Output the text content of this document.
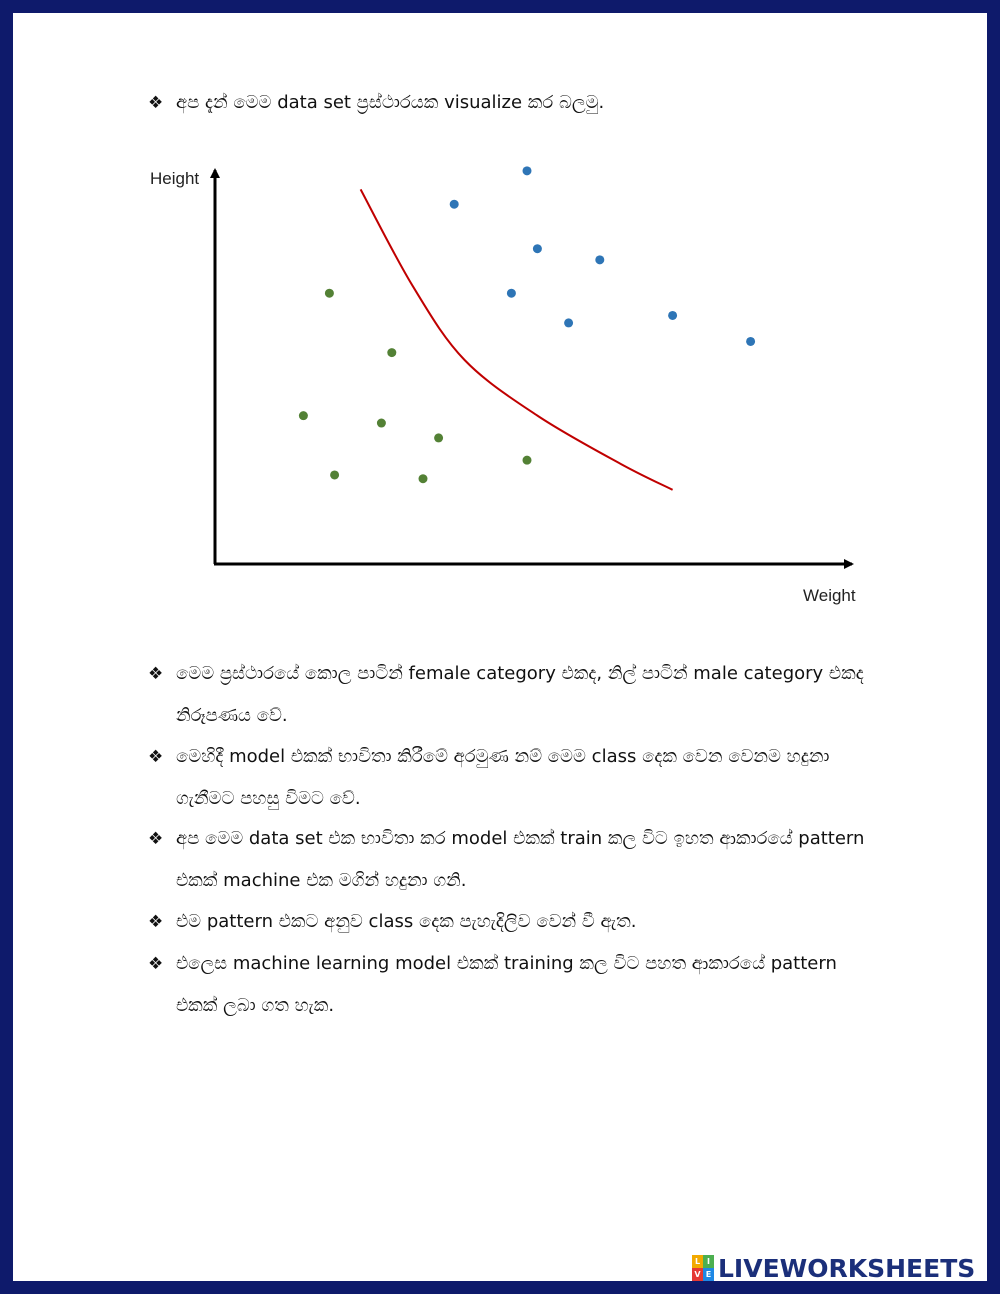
❖ අප දැන් මෙම data set ප්‍රස්ථාරයක visualize කර බලමු.
Height
Weight
❖ මෙම ප්‍රස්ථාරයේ කොල පාටින් female category එකද, නිල් පාටින් male category එකද නිරූපණය වේ.
❖ මෙහිදී model එකක් භාවිතා කිරීමේ අරමුණ නම් මෙම class දෙක වෙන වෙනම හදුනා ගැනීමට පහසු විමට වේ.
❖ අප මෙම data set එක භාවිතා කර model එකක් train කල විට ඉහත ආකාරයේ pattern එකක් machine එක මගින් හදුනා ගනි.
❖ එම pattern එකට අනුව class දෙක පැහැදිලිව වෙන් වී ඇත.
❖ එලෙස machine learning model එකක් training කල විට පහත ආකාරයේ pattern එකක් ලබා ගත හැක.
L I
V E LIVEWORKSHEETS
